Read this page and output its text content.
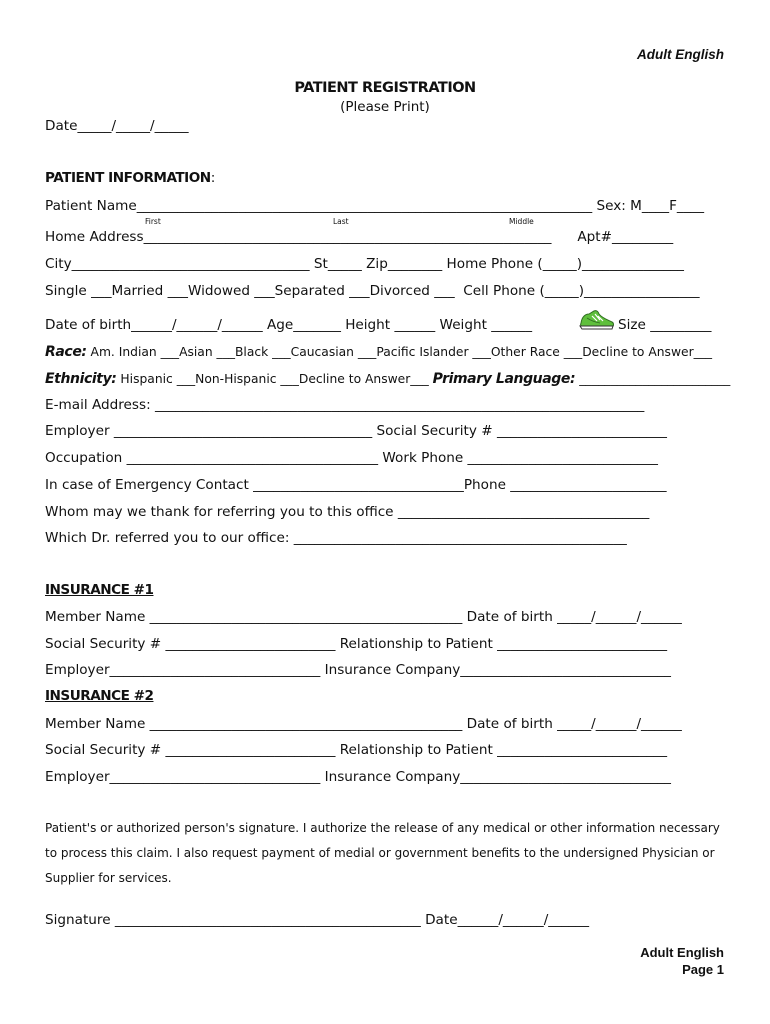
Adult English
PATIENT REGISTRATION
(Please Print)
Date_____/_____/_____
PATIENT INFORMATION:
Patient Name___________________________________________________________________ Sex: M____F____
First	Last	Middle
Home Address____________________________________________________________      Apt#_________
City___________________________________ St_____ Zip________ Home Phone (_____)_______________
Single ___Married ___Widowed ___Separated ___Divorced ___  Cell Phone (_____)_________________
Date of birth______/______/______ Age_______ Height ______ Weight ______	Size _________
Race: Am. Indian ___Asian ___Black ___Caucasian ___Pacific Islander ___Other Race ___Decline to Answer___
Ethnicity: Hispanic ___Non-Hispanic ___Decline to Answer___ Primary Language: ________________________
E-mail Address: ________________________________________________________________________
Employer ______________________________________ Social Security # _________________________
Occupation _____________________________________ Work Phone ____________________________
In case of Emergency Contact _______________________________Phone _______________________
Whom may we thank for referring you to this office _____________________________________
Which Dr. referred you to our office: _________________________________________________
INSURANCE #1
Member Name ______________________________________________ Date of birth _____/______/______
Social Security # _________________________ Relationship to Patient _________________________
Employer_______________________________ Insurance Company_______________________________
INSURANCE #2
Member Name ______________________________________________ Date of birth _____/______/______
Social Security # _________________________ Relationship to Patient _________________________
Employer_______________________________ Insurance Company_______________________________
Patient's or authorized person's signature. I authorize the release of any medical or other information necessary to process this claim. I also request payment of medial or government benefits to the undersigned Physician or Supplier for services.
Signature _____________________________________________ Date______/______/______
Adult English
Page 1
